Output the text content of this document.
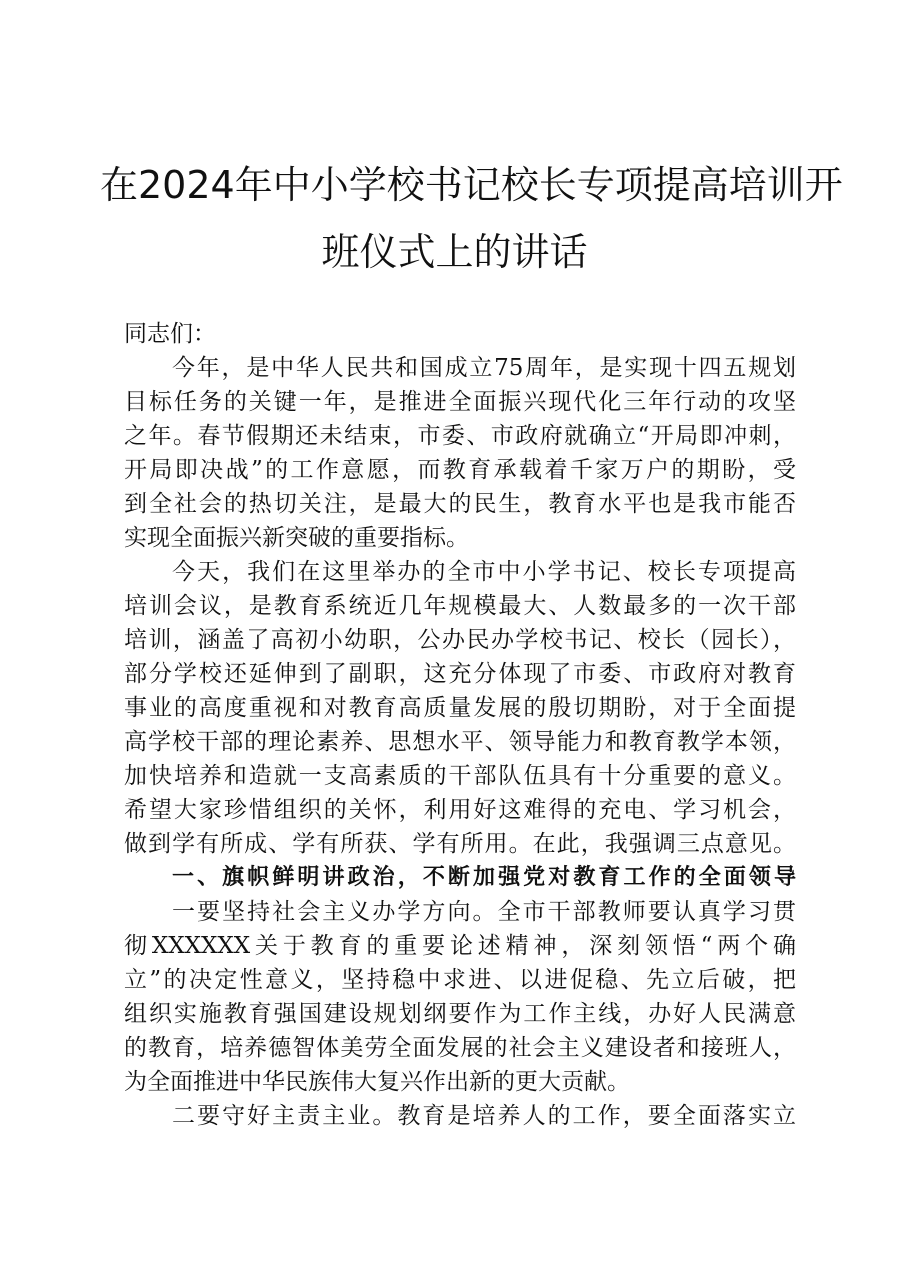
在2024年中小学校书记校长专项提高培训开
班仪式上的讲话
同志们：
今年，是中华人民共和国成立75周年，是实现十四五规划
目标任务的关键一年，是推进全面振兴现代化三年行动的攻坚
之年。春节假期还未结束，市委、市政府就确立“开局即冲刺，
开局即决战”的工作意愿，而教育承载着千家万户的期盼，受
到全社会的热切关注，是最大的民生，教育水平也是我市能否
实现全面振兴新突破的重要指标。
今天，我们在这里举办的全市中小学书记、校长专项提高
培训会议，是教育系统近几年规模最大、人数最多的一次干部
培训，涵盖了高初小幼职，公办民办学校书记、校长（园长），
部分学校还延伸到了副职，这充分体现了市委、市政府对教育
事业的高度重视和对教育高质量发展的殷切期盼，对于全面提
高学校干部的理论素养、思想水平、领导能力和教育教学本领，
加快培养和造就一支高素质的干部队伍具有十分重要的意义。
希望大家珍惜组织的关怀，利用好这难得的充电、学习机会，
做到学有所成、学有所获、学有所用。在此，我强调三点意见。
一、旗帜鲜明讲政治，不断加强党对教育工作的全面领导
一要坚持社会主义办学方向。全市干部教师要认真学习贯
彻XXXXXX关于教育的重要论述精神，深刻领悟“两个确
立”的决定性意义，坚持稳中求进、以进促稳、先立后破，把
组织实施教育强国建设规划纲要作为工作主线，办好人民满意
的教育，培养德智体美劳全面发展的社会主义建设者和接班人，
为全面推进中华民族伟大复兴作出新的更大贡献。
二要守好主责主业。教育是培养人的工作，要全面落实立
